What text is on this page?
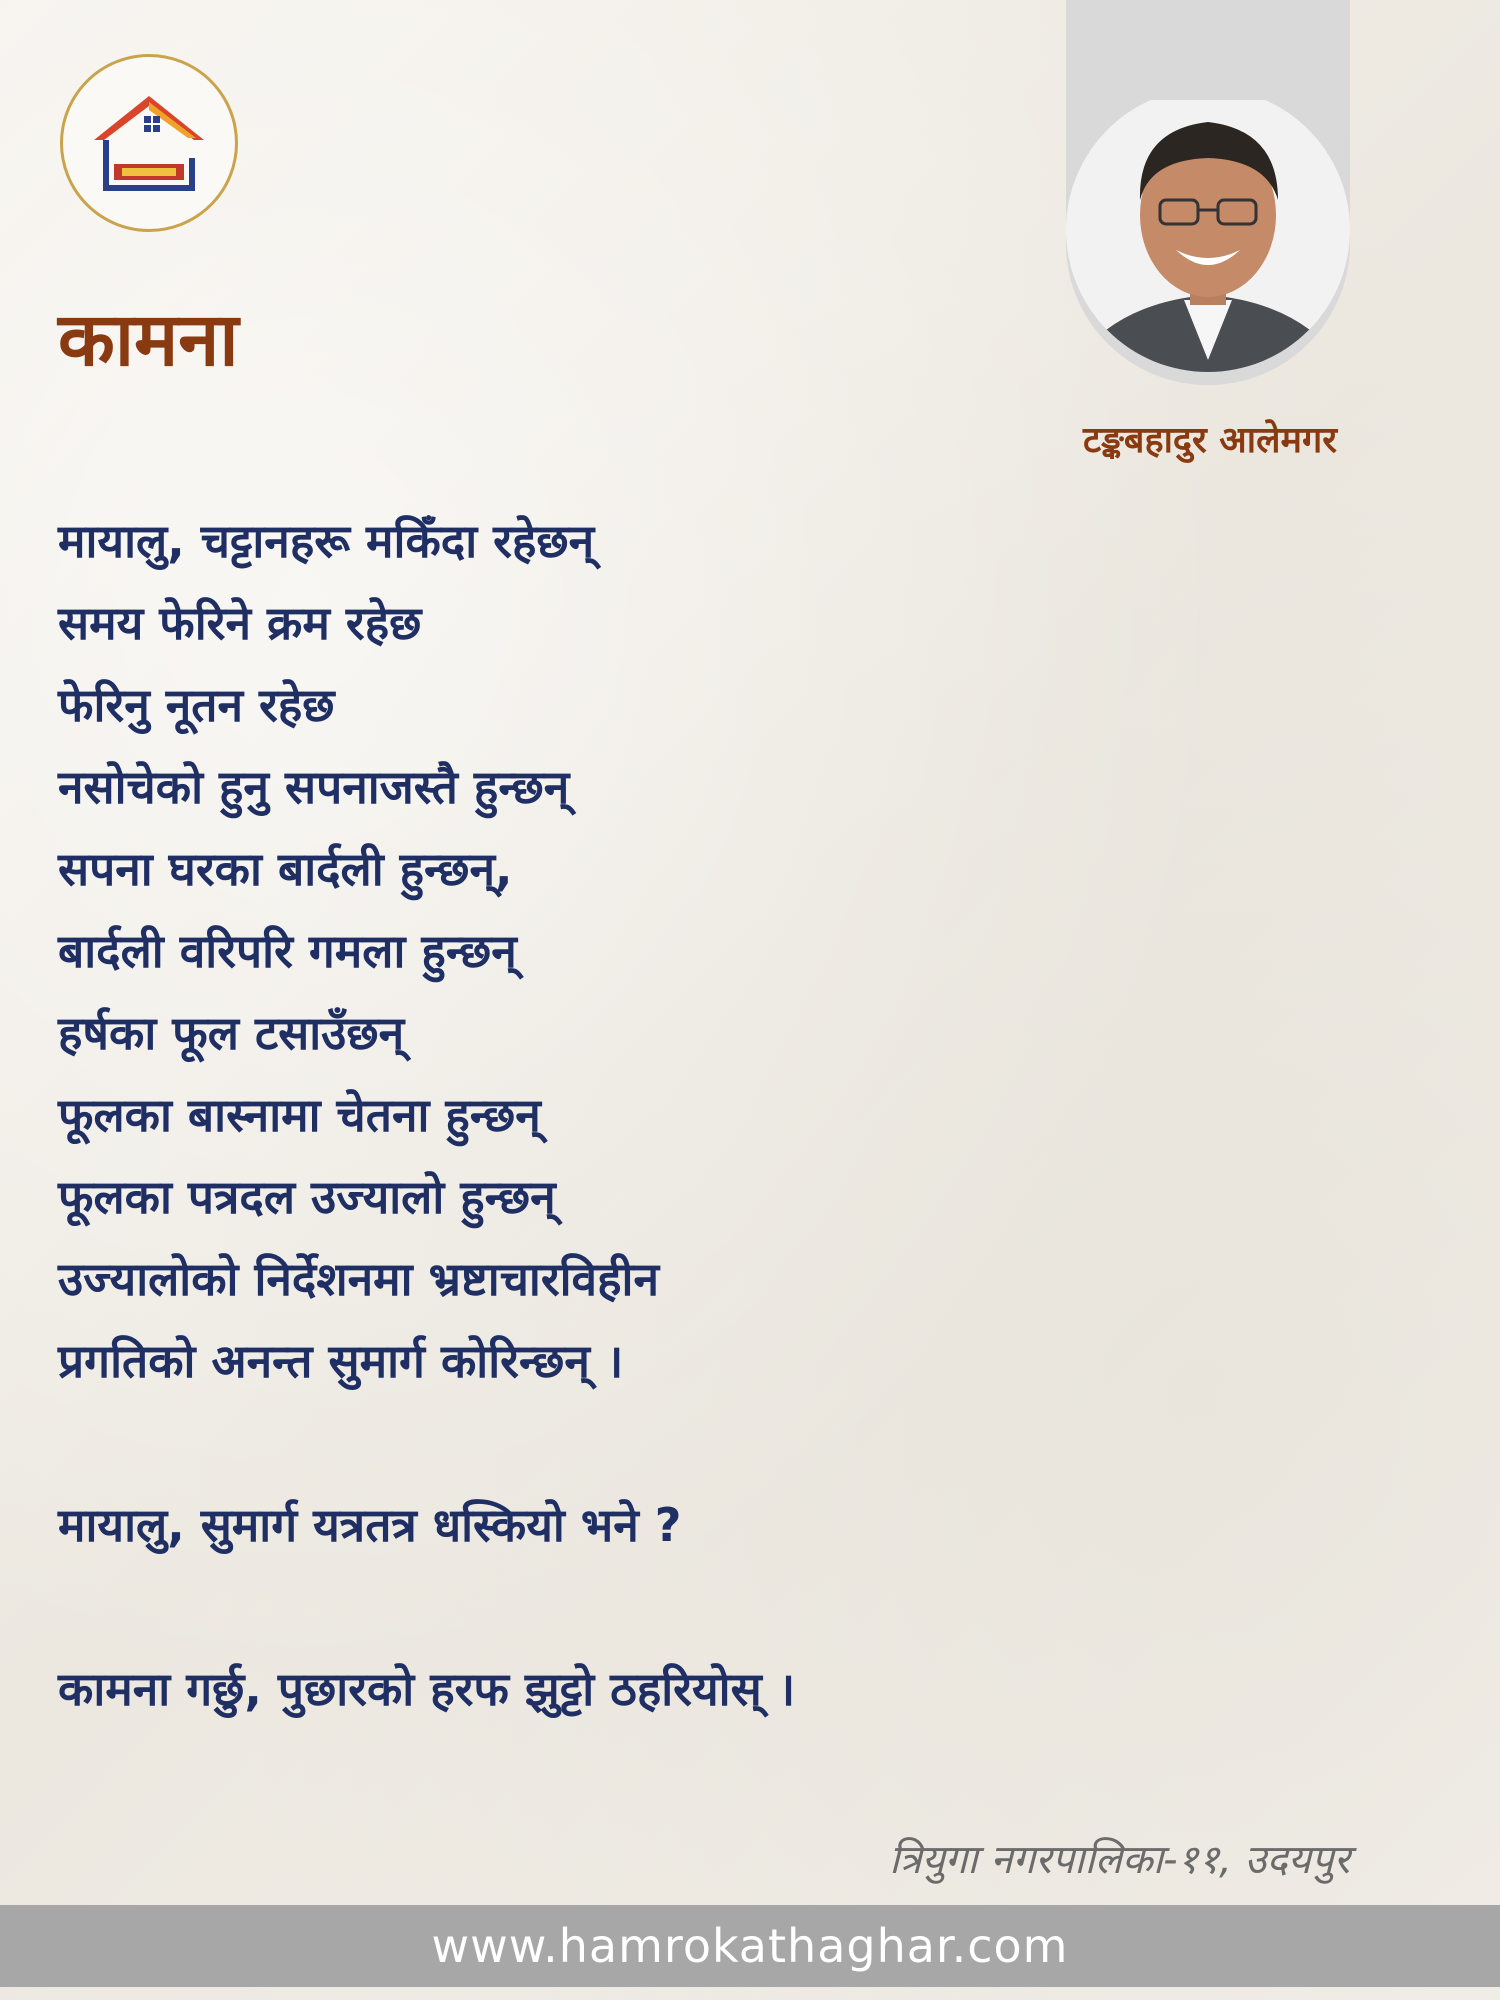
कामना
टङ्कबहादुर आलेमगर
मायालु, चट्टानहरू मकिँदा रहेछन्
समय फेरिने क्रम रहेछ
फेरिनु नूतन रहेछ
नसोचेको हुनु सपनाजस्तै हुन्छन्
सपना घरका बार्दली हुन्छन्,
बार्दली वरिपरि गमला हुन्छन्
हर्षका फूल टसाउँछन्
फूलका बास्नामा चेतना हुन्छन्
फूलका पत्रदल उज्यालो हुन्छन्
उज्यालोको निर्देशनमा भ्रष्टाचारविहीन
प्रगतिको अनन्त सुमार्ग कोरिन्छन् ।
मायालु, सुमार्ग यत्रतत्र धस्कियो भने ?
कामना गर्छु, पुछारको हरफ झुट्टो ठहरियोस् ।
त्रियुगा नगरपालिका-११, उदयपुर
www.hamrokathaghar.com
